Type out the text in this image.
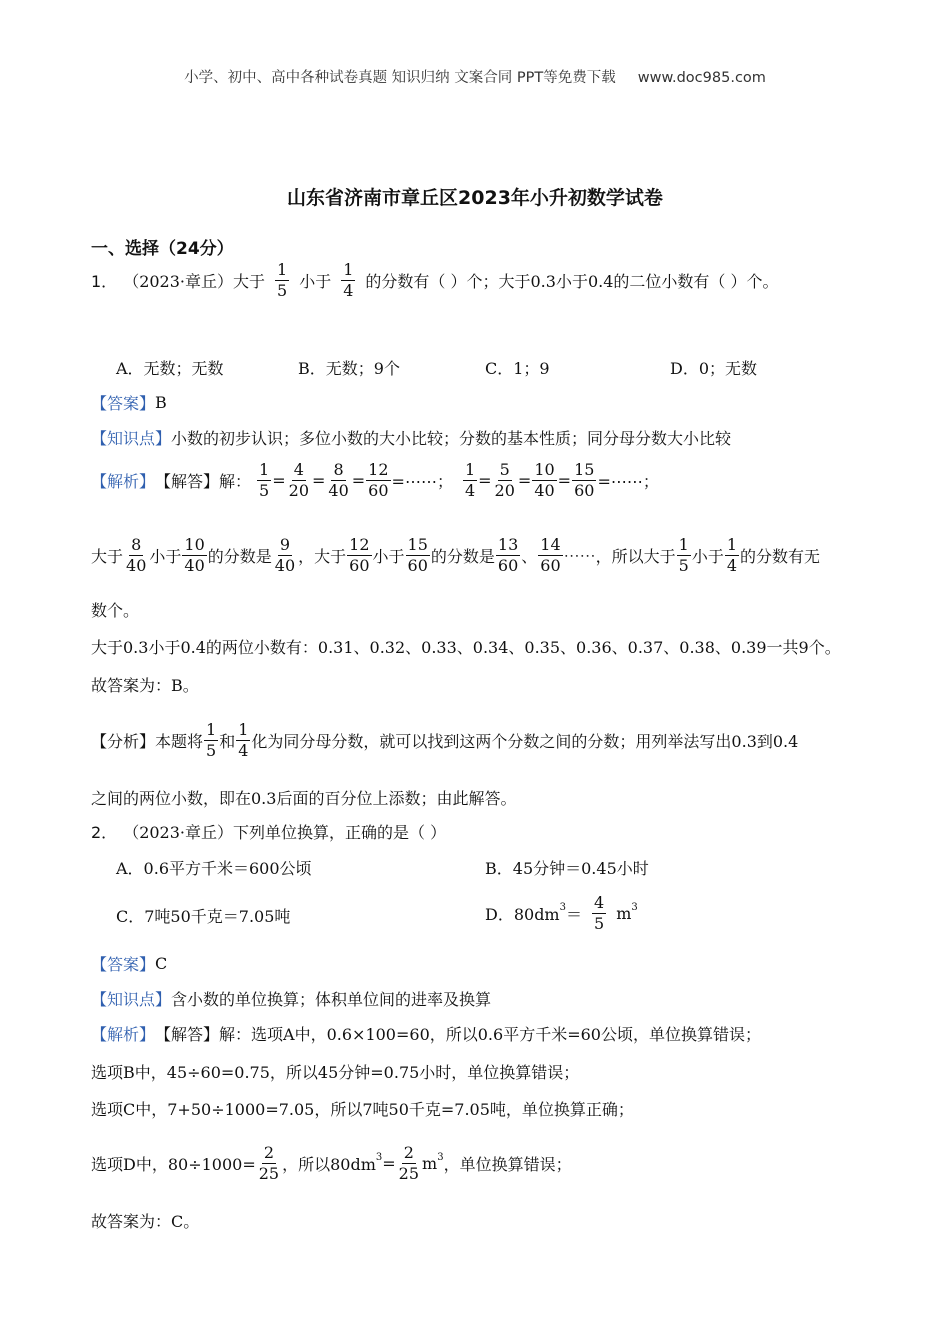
小学、初中、高中各种试卷真题 知识归纳 文案合同 PPT等免费下载 www.doc985.com
山东省济南市章丘区2023年小升初数学试卷
一、选择（24分）
1． （2023·章丘） 大于 $\frac{1}{5}$ 小于 $\frac{1}{4}$ 的分数有（ ）个；大于0.3小于0.4的二位小数有（ ）个。
A．无数；无数	B．无数；9个	C．1；9	D．0；无数
【答案】 B
【知识点】 小数的初步认识；多位小数的大小比较；分数的基本性质；同分母分数大小比较
【解析】 【解答】 解： $\frac{1}{5} = \frac{4}{20} = \frac{8}{40} = \frac{12}{60}$ =⋯⋯； $\frac{1}{4} = \frac{5}{20} = \frac{10}{40} = \frac{15}{60}$ =⋯⋯；
大于 $\frac{8}{40}$ 小于 $\frac{10}{40}$ 的分数是 $\frac{9}{40}$ ，大于 $\frac{12}{60}$ 小于 $\frac{15}{60}$ 的分数是 $\frac{13}{60}$ 、 $\frac{14}{60}$ ⋯⋯，所以大于 $\frac{1}{5}$ 小于 $\frac{1}{4}$ 的分数有无
数个。
大于0.3小于0.4的两位小数有：0.31、0.32、0.33、0.34、0.35、0.36、0.37、0.38、0.39一共9个。
故答案为：B。
【分析】 本题将 $\frac{1}{5}$ 和 $\frac{1}{4}$ 化为同分母分数，就可以找到这两个分数之间的分数；用列举法写出0.3到0.4
之间的两位小数，即在0.3后面的百分位上添数；由此解答。
2． （2023·章丘） 下列单位换算，正确的是（ ）
A．0.6平方千米＝600公顷	B．45分钟＝0.45小时
C．7吨50千克＝7.05吨	D．80dm $3 = \frac{4}{5}$ m 3
【答案】 C
【知识点】 含小数的单位换算；体积单位间的进率及换算
【解析】 【解答】 解：选项A中，0.6×100=60，所以0.6平方千米=60公顷，单位换算错误；
选项B中，45÷60=0.75，所以45分钟=0.75小时，单位换算错误；
选项C中，7+50÷1000=7.05，所以7吨50千克=7.05吨，单位换算正确；
选项D中，$80\div 1000= \frac{2}{25}$ ，所以80dm $3 = \frac{2}{25}$ m 3 ，单位换算错误；
故答案为：C。
